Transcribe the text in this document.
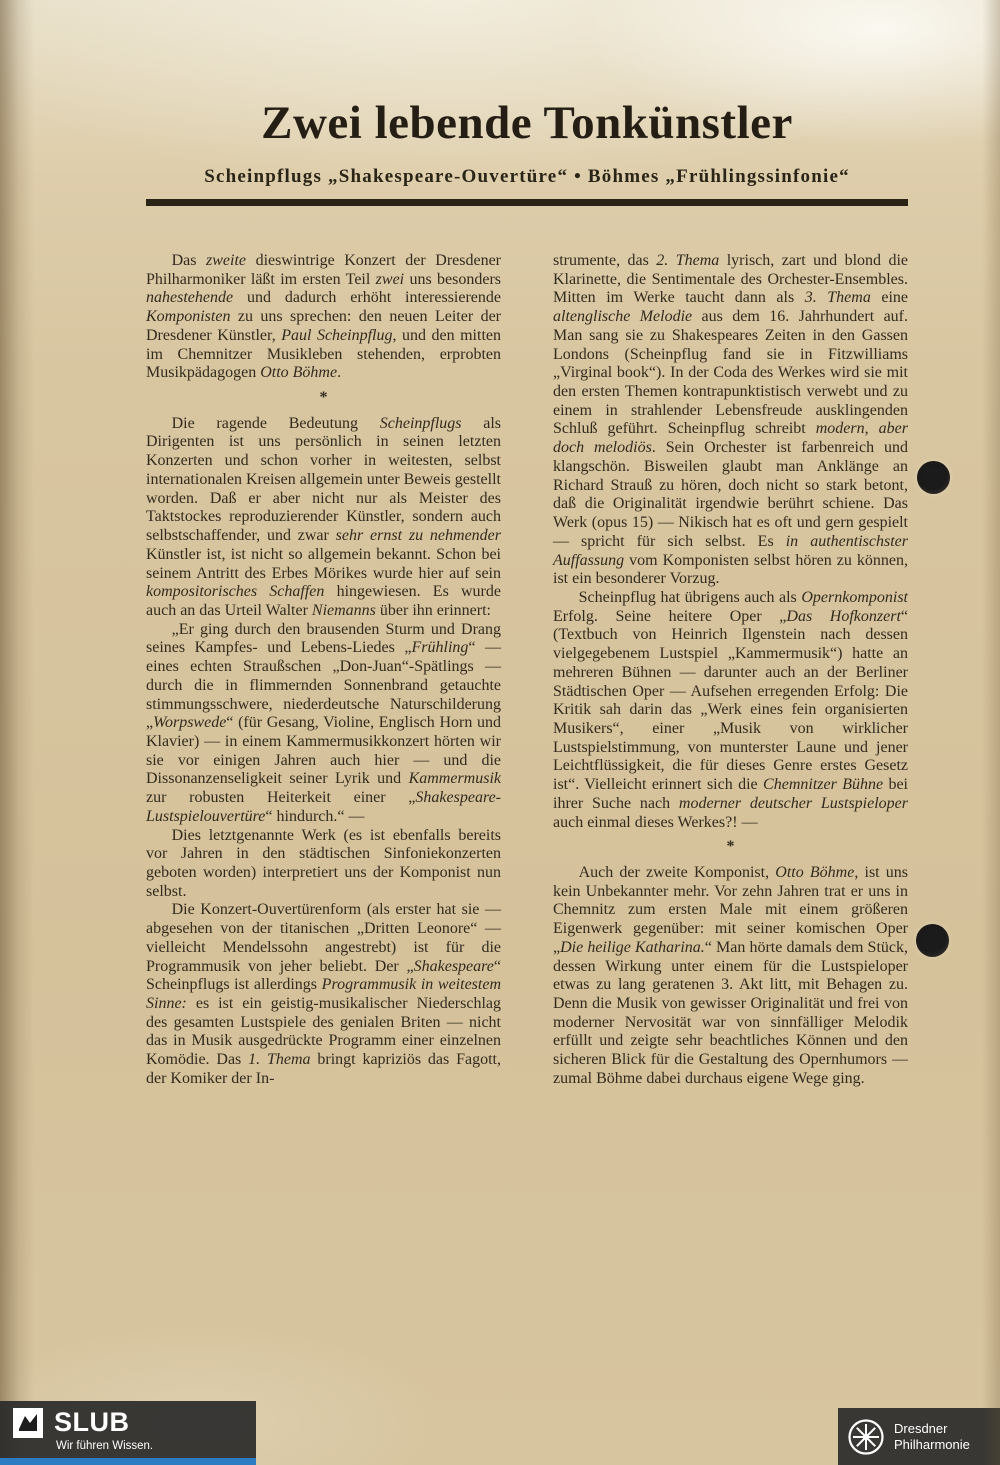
Zwei lebende Tonkünstler
Scheinpflugs „Shakespeare-Ouvertüre“ • Böhmes „Frühlingssinfonie“

Das zweite dieswintrige Konzert der Dresdener Philharmoniker läßt im ersten Teil zwei uns besonders nahestehende und dadurch erhöht interessierende Komponisten zu uns sprechen: den neuen Leiter der Dresdener Künstler, Paul Scheinpflug, und den mitten im Chemnitzer Musikleben stehenden, erprobten Musikpädagogen Otto Böhme.

*

Die ragende Bedeutung Scheinpflugs als Dirigenten ist uns persönlich in seinen letzten Konzerten und schon vorher in weitesten, selbst internationalen Kreisen allgemein unter Beweis gestellt worden. Daß er aber nicht nur als Meister des Taktstockes reproduzierender Künstler, sondern auch selbstschaffender, und zwar sehr ernst zu nehmender Künstler ist, ist nicht so allgemein bekannt. Schon bei seinem Antritt des Erbes Mörikes wurde hier auf sein kompositorisches Schaffen hingewiesen. Es wurde auch an das Urteil Walter Niemanns über ihn erinnert:

„Er ging durch den brausenden Sturm und Drang seines Kampfes- und Lebens-Liedes „Frühling“ — eines echten Straußschen „Don-Juan“-Spätlings — durch die in flimmernden Sonnenbrand getauchte stimmungsschwere, niederdeutsche Naturschilderung „Worpswede“ (für Gesang, Violine, Englisch Horn und Klavier) — in einem Kammermusikkonzert hörten wir sie vor einigen Jahren auch hier — und die Dissonanzenseligkeit seiner Lyrik und Kammermusik zur robusten Heiterkeit einer „Shakespeare-Lustspielouvertüre“ hindurch.“ —

Dies letztgenannte Werk (es ist ebenfalls bereits vor Jahren in den städtischen Sinfoniekonzerten geboten worden) interpretiert uns der Komponist nun selbst.

Die Konzert-Ouvertürenform (als erster hat sie — abgesehen von der titanischen „Dritten Leonore“ — vielleicht Mendelssohn angestrebt) ist für die Programmusik von jeher beliebt. Der „Shakespeare“ Scheinpflugs ist allerdings Programmusik in weitestem Sinne: es ist ein geistig-musikalischer Niederschlag des gesamten Lustspiele des genialen Briten — nicht das in Musik ausgedrückte Programm einer einzelnen Komödie. Das 1. Thema bringt kapriziös das Fagott, der Komiker der In-

strumente, das 2. Thema lyrisch, zart und blond die Klarinette, die Sentimentale des Orchester-Ensembles. Mitten im Werke taucht dann als 3. Thema eine altenglische Melodie aus dem 16. Jahrhundert auf. Man sang sie zu Shakespeares Zeiten in den Gassen Londons (Scheinpflug fand sie in Fitzwilliams „Virginal book“). In der Coda des Werkes wird sie mit den ersten Themen kontrapunktistisch verwebt und zu einem in strahlender Lebensfreude ausklingenden Schluß geführt. Scheinpflug schreibt modern, aber doch melodiös. Sein Orchester ist farbenreich und klangschön. Bisweilen glaubt man Anklänge an Richard Strauß zu hören, doch nicht so stark betont, daß die Originalität irgendwie berührt schiene. Das Werk (opus 15) — Nikisch hat es oft und gern gespielt — spricht für sich selbst. Es in authentischster Auffassung vom Komponisten selbst hören zu können, ist ein besonderer Vorzug.

Scheinpflug hat übrigens auch als Opernkomponist Erfolg. Seine heitere Oper „Das Hofkonzert“ (Textbuch von Heinrich Ilgenstein nach dessen vielgegebenem Lustspiel „Kammermusik“) hatte an mehreren Bühnen — darunter auch an der Berliner Städtischen Oper — Aufsehen erregenden Erfolg: Die Kritik sah darin das „Werk eines fein organisierten Musikers“, einer „Musik von wirklicher Lustspielstimmung, von munterster Laune und jener Leichtflüssigkeit, die für dieses Genre erstes Gesetz ist“. Vielleicht erinnert sich die Chemnitzer Bühne bei ihrer Suche nach moderner deutscher Lustspieloper auch einmal dieses Werkes?! —

*

Auch der zweite Komponist, Otto Böhme, ist uns kein Unbekannter mehr. Vor zehn Jahren trat er uns in Chemnitz zum ersten Male mit einem größeren Eigenwerk gegenüber: mit seiner komischen Oper „Die heilige Katharina.“ Man hörte damals dem Stück, dessen Wirkung unter einem für die Lustspieloper etwas zu lang geratenen 3. Akt litt, mit Behagen zu. Denn die Musik von gewisser Originalität und frei von moderner Nervosität war von sinnfälliger Melodik erfüllt und zeigte sehr beachtliches Können und den sicheren Blick für die Gestaltung des Opernhumors — zumal Böhme dabei durchaus eigene Wege ging.

SLUB
Wir führen Wissen.
Dresdner
Philharmonie
